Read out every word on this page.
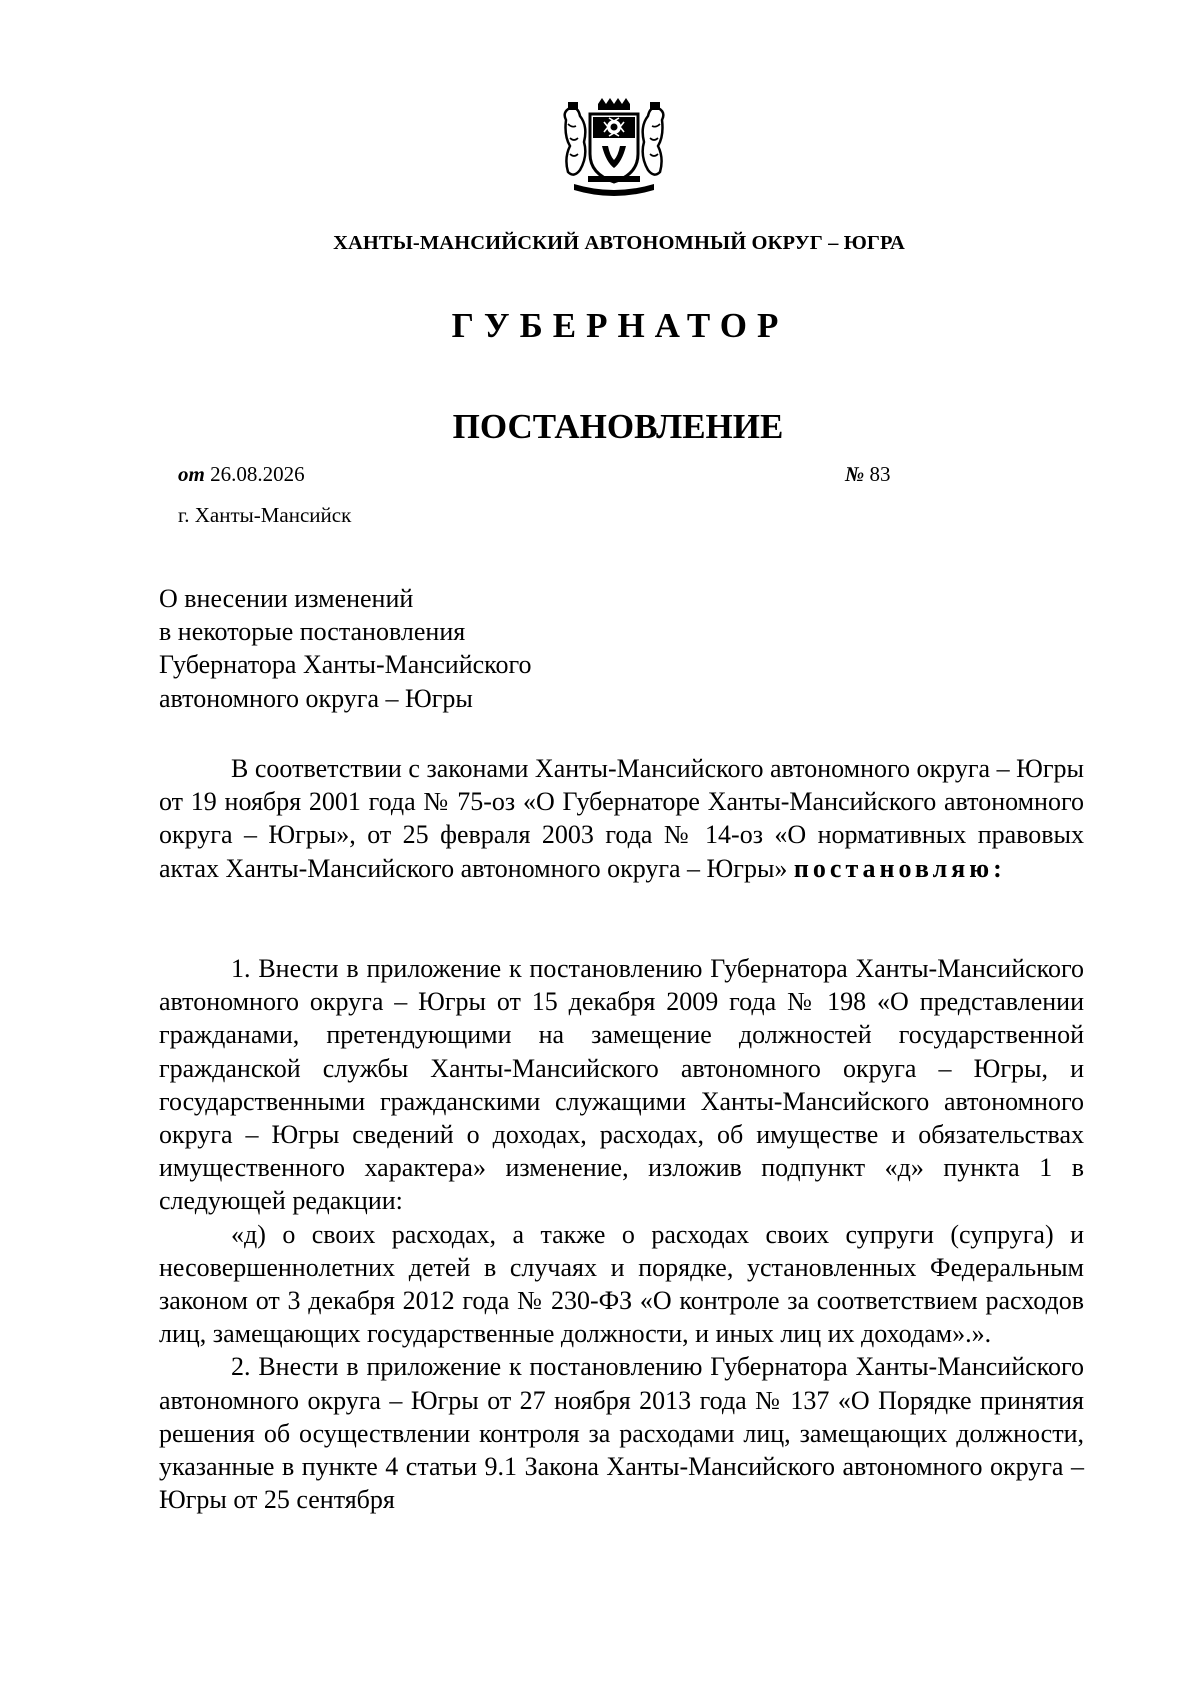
ХАНТЫ-МАНСИЙСКИЙ АВТОНОМНЫЙ ОКРУГ – ЮГРА
ГУБЕРНАТОР
ПОСТАНОВЛЕНИЕ
от 26.08.2026	№ 83
г. Ханты-Мансийск
О внесении изменений
в некоторые постановления
Губернатора Ханты-Мансийского
автономного округа – Югры

В соответствии с законами Ханты-Мансийского автономного округа – Югры от 19 ноября 2001 года № 75-оз «О Губернаторе Ханты-Мансийского автономного округа – Югры», от 25 февраля 2003 года № 14-оз «О нормативных правовых актах Ханты-Мансийского автономного округа – Югры» постановляю:

1. Внести в приложение к постановлению Губернатора Ханты-Мансийского автономного округа – Югры от 15 декабря 2009 года № 198 «О представлении гражданами, претендующими на замещение должностей государственной гражданской службы Ханты-Мансийского автономного округа – Югры, и государственными гражданскими служащими Ханты-Мансийского автономного округа – Югры сведений о доходах, расходах, об имуществе и обязательствах имущественного характера» изменение, изложив подпункт «д» пункта 1 в следующей редакции:

«д) о своих расходах, а также о расходах своих супруги (супруга) и несовершеннолетних детей в случаях и порядке, установленных Федеральным законом от 3 декабря 2012 года № 230-ФЗ «О контроле за соответствием расходов лиц, замещающих государственные должности, и иных лиц их доходам».».

2. Внести в приложение к постановлению Губернатора Ханты-Мансийского автономного округа – Югры от 27 ноября 2013 года № 137 «О Порядке принятия решения об осуществлении контроля за расходами лиц, замещающих должности, указанные в пункте 4 статьи 9.1 Закона Ханты-Мансийского автономного округа – Югры от 25 сентября
